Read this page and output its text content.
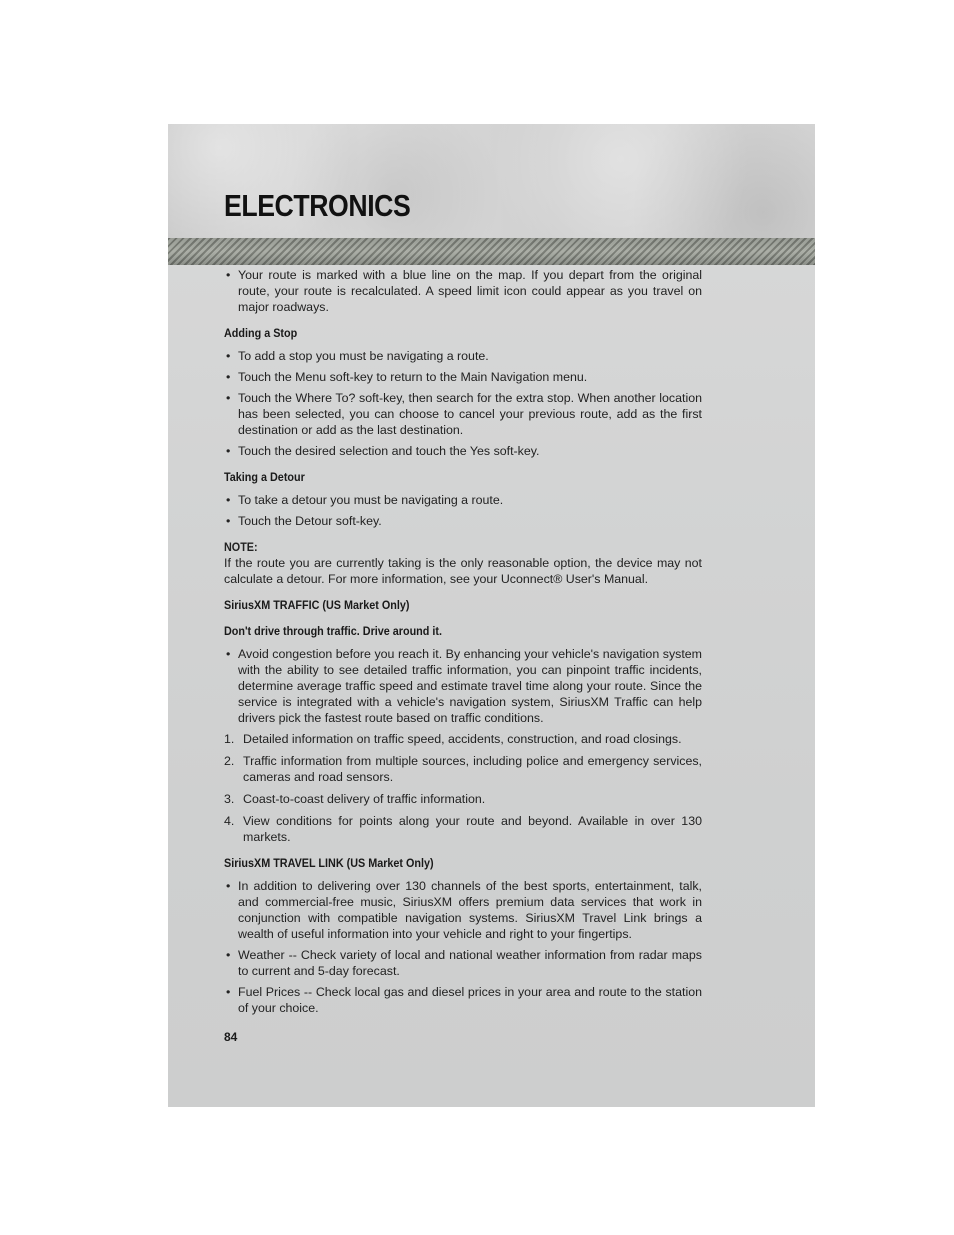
ELECTRONICS
• Your route is marked with a blue line on the map. If you depart from the original route, your route is recalculated. A speed limit icon could appear as you travel on major roadways.
Adding a Stop
• To add a stop you must be navigating a route.
• Touch the Menu soft-key to return to the Main Navigation menu.
• Touch the Where To? soft-key, then search for the extra stop. When another location has been selected, you can choose to cancel your previous route, add as the first destination or add as the last destination.
• Touch the desired selection and touch the Yes soft-key.
Taking a Detour
• To take a detour you must be navigating a route.
• Touch the Detour soft-key.
NOTE:
If the route you are currently taking is the only reasonable option, the device may not calculate a detour. For more information, see your Uconnect® User's Manual.
SiriusXM TRAFFIC (US Market Only)
Don't drive through traffic. Drive around it.
• Avoid congestion before you reach it. By enhancing your vehicle's navigation system with the ability to see detailed traffic information, you can pinpoint traffic incidents, determine average traffic speed and estimate travel time along your route. Since the service is integrated with a vehicle's navigation system, SiriusXM Traffic can help drivers pick the fastest route based on traffic conditions.
1. Detailed information on traffic speed, accidents, construction, and road closings.
2. Traffic information from multiple sources, including police and emergency services, cameras and road sensors.
3. Coast-to-coast delivery of traffic information.
4. View conditions for points along your route and beyond. Available in over 130 markets.
SiriusXM TRAVEL LINK (US Market Only)
• In addition to delivering over 130 channels of the best sports, entertainment, talk, and commercial-free music, SiriusXM offers premium data services that work in conjunction with compatible navigation systems. SiriusXM Travel Link brings a wealth of useful information into your vehicle and right to your fingertips.
• Weather -- Check variety of local and national weather information from radar maps to current and 5-day forecast.
• Fuel Prices -- Check local gas and diesel prices in your area and route to the station of your choice.
84
